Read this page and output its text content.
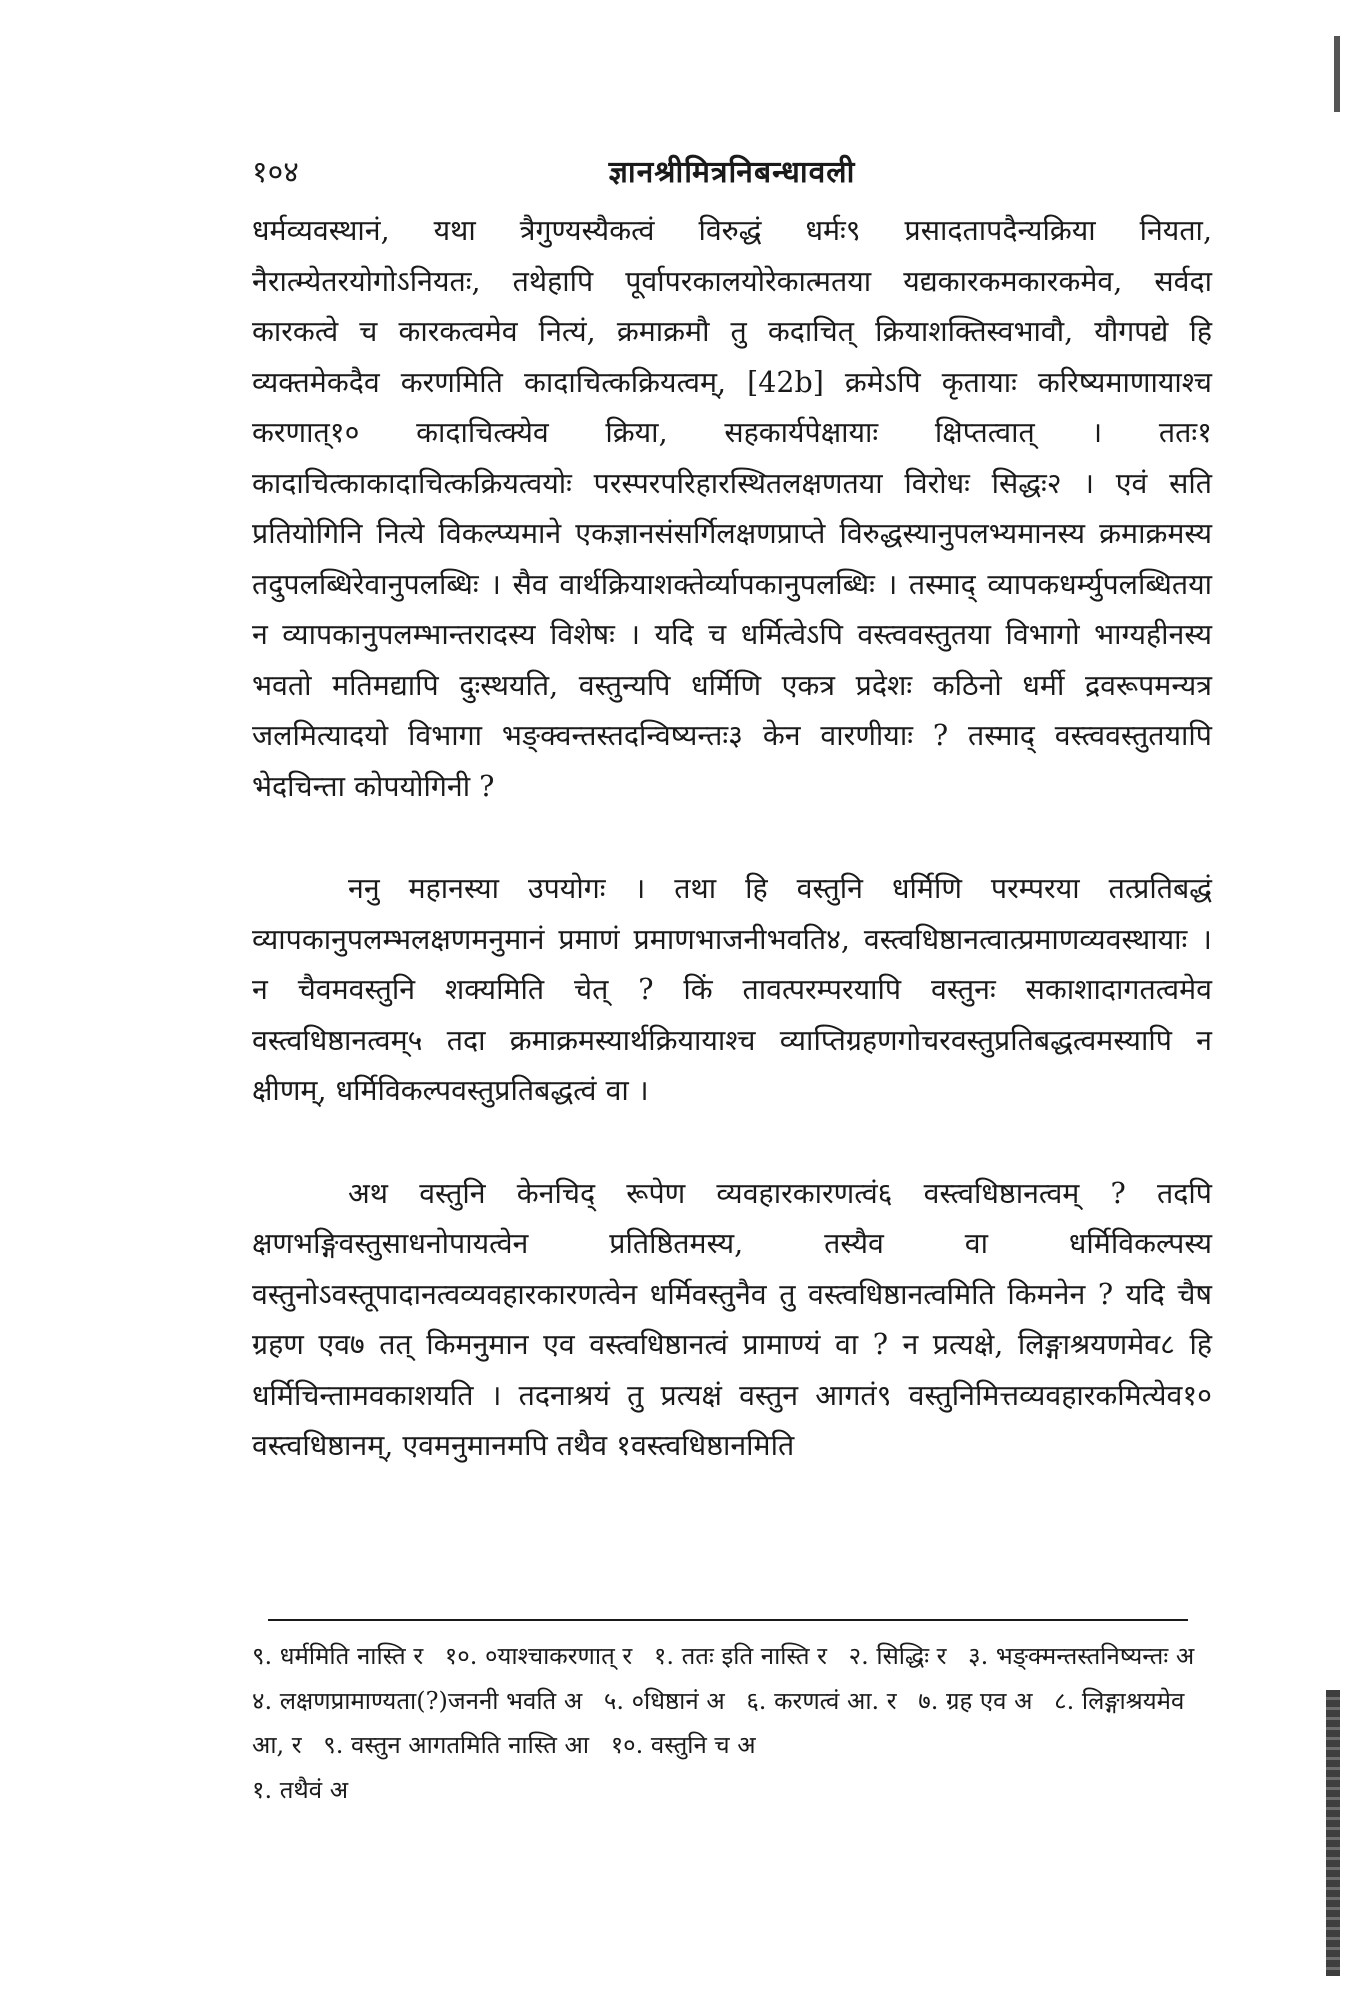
१०४	ज्ञानश्रीमित्रनिबन्धावली

धर्मव्यवस्थानं, यथा त्रैगुण्यस्यैकत्वं विरुद्धं धर्मः९ प्रसादतापदैन्यक्रिया नियता, नैरात्म्येतरयोगोऽनियतः, तथेहापि पूर्वापरकालयोरेकात्मतया यद्यकारकमकारकमेव, सर्वदा कारकत्वे च कारकत्वमेव नित्यं, क्रमाक्रमौ तु कदाचित् क्रियाशक्तिस्वभावौ, यौगपद्ये हि व्यक्तमेकदैव करणमिति कादाचित्कक्रियत्वम्, [42b] क्रमेऽपि कृतायाः करिष्यमाणायाश्च करणात्१० कादाचित्क्येव क्रिया, सहकार्यपेक्षायाः क्षिप्तत्वात् । ततः१ कादाचित्काकादाचित्कक्रियत्वयोः परस्परपरिहारस्थितलक्षणतया विरोधः सिद्धः२ । एवं सति प्रतियोगिनि नित्ये विकल्प्यमाने एकज्ञानसंसर्गिलक्षणप्राप्ते विरुद्धस्यानुपलभ्यमानस्य क्रमाक्रमस्य तदुपलब्धिरेवानुपलब्धिः । सैव वार्थक्रियाशक्तेर्व्यापकानुपलब्धिः । तस्माद् व्यापकधर्म्युपलब्धितया न व्यापकानुपलम्भान्तरादस्य विशेषः । यदि च धर्मित्वेऽपि वस्त्ववस्तुतया विभागो भाग्यहीनस्य भवतो मतिमद्यापि दुःस्थयति, वस्तुन्यपि धर्मिणि एकत्र प्रदेशः कठिनो धर्मी द्रवरूपमन्यत्र जलमित्यादयो विभागा भङ्क्वन्तस्तदन्विष्यन्तः३ केन वारणीयाः ? तस्माद् वस्त्ववस्तुतयापि भेदचिन्ता कोपयोगिनी ?

ननु महानस्या उपयोगः । तथा हि वस्तुनि धर्मिणि परम्परया तत्प्रतिबद्धं व्यापकानुपलम्भलक्षणमनुमानं प्रमाणं प्रमाणभाजनीभवति४, वस्त्वधिष्ठानत्वात्प्रमाणव्यवस्थायाः । न चैवमवस्तुनि शक्यमिति चेत् ? किं तावत्परम्परयापि वस्तुनः सकाशादागतत्वमेव वस्त्वधिष्ठानत्वम्५ तदा क्रमाक्रमस्यार्थक्रियायाश्च व्याप्तिग्रहणगोचरवस्तुप्रतिबद्धत्वमस्यापि न क्षीणम्, धर्मिविकल्पवस्तुप्रतिबद्धत्वं वा ।

अथ वस्तुनि केनचिद् रूपेण व्यवहारकारणत्वं६ वस्त्वधिष्ठानत्वम् ? तदपि क्षणभङ्गिवस्तुसाधनोपायत्वेन प्रतिष्ठितमस्य, तस्यैव वा धर्मिविकल्पस्य वस्तुनोऽवस्तूपादानत्वव्यवहारकारणत्वेन धर्मिवस्तुनैव तु वस्त्वधिष्ठानत्वमिति किमनेन ? यदि चैष ग्रहण एव७ तत् किमनुमान एव वस्त्वधिष्ठानत्वं प्रामाण्यं वा ? न प्रत्यक्षे, लिङ्गाश्रयणमेव८ हि धर्मिचिन्तामवकाशयति । तदनाश्रयं तु प्रत्यक्षं वस्तुन आगतं९ वस्तुनिमित्तव्यवहारकमित्येव१० वस्त्वधिष्ठानम्, एवमनुमानमपि तथैव १वस्त्वधिष्ठानमिति

९. धर्ममिति नास्ति र १०. ०याश्चाकरणात् र १. ततः इति नास्ति र २. सिद्धिः र ३. भङ्क्मन्तस्तनिष्यन्तः अ ४. लक्षणप्रामाण्यता(?)जननी भवति अ ५. ०धिष्ठानं अ ६. करणत्वं आ. र ७. ग्रह एव अ ८. लिङ्गाश्रयमेव आ, र ९. वस्तुन आगतमिति नास्ति आ १०. वस्तुनि च अ
१. तथैवं अ
